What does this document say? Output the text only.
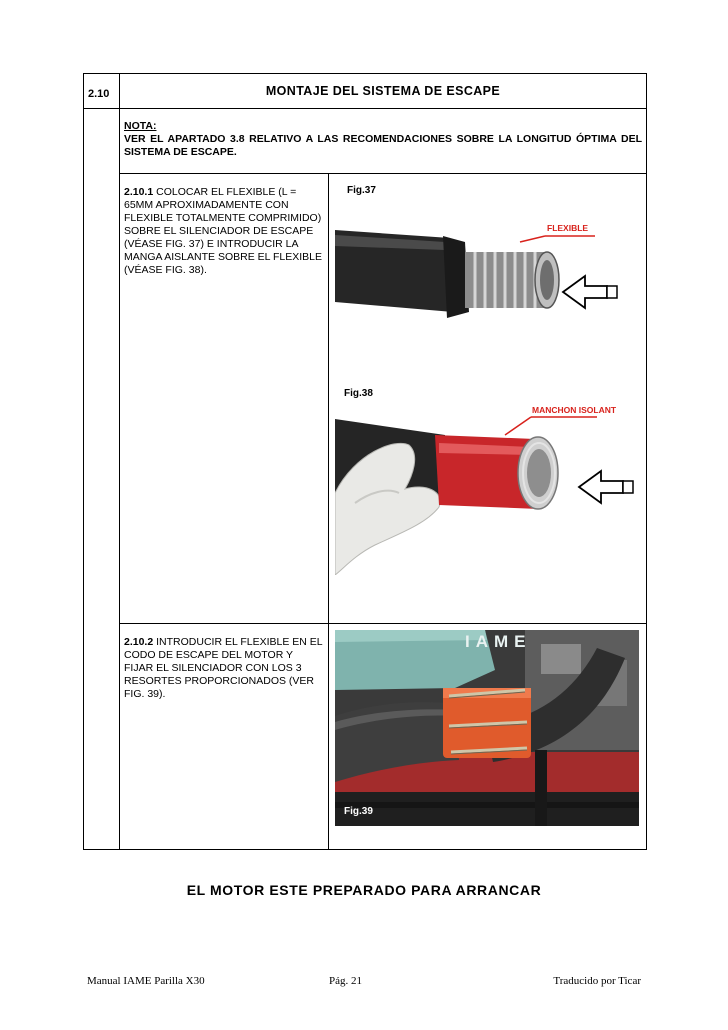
2.10	MONTAJE DEL SISTEMA DE ESCAPE
NOTA:
VER EL APARTADO 3.8 RELATIVO A LAS RECOMENDACIONES SOBRE LA LONGITUD ÓPTIMA DEL SISTEMA DE ESCAPE.
2.10.1 COLOCAR EL FLEXIBLE (L = 65MM APROXIMADAMENTE CON FLEXIBLE TOTALMENTE COMPRIMIDO) SOBRE EL SILENCIADOR DE ESCAPE (VÉASE FIG. 37) E INTRODUCIR LA MANGA AISLANTE SOBRE EL FLEXIBLE (VÉASE FIG. 38).
2.10.2 INTRODUCIR EL FLEXIBLE EN EL CODO DE ESCAPE DEL MOTOR Y FIJAR EL SILENCIADOR CON LOS 3 RESORTES PROPORCIONADOS (VER FIG. 39).
Fig.37
FLEXIBLE
Fig.38
MANCHON ISOLANT
IAME
Fig.39
EL MOTOR ESTE PREPARADO PARA ARRANCAR
Manual IAME Parilla X30	Pág. 21	Traducido por Ticar
